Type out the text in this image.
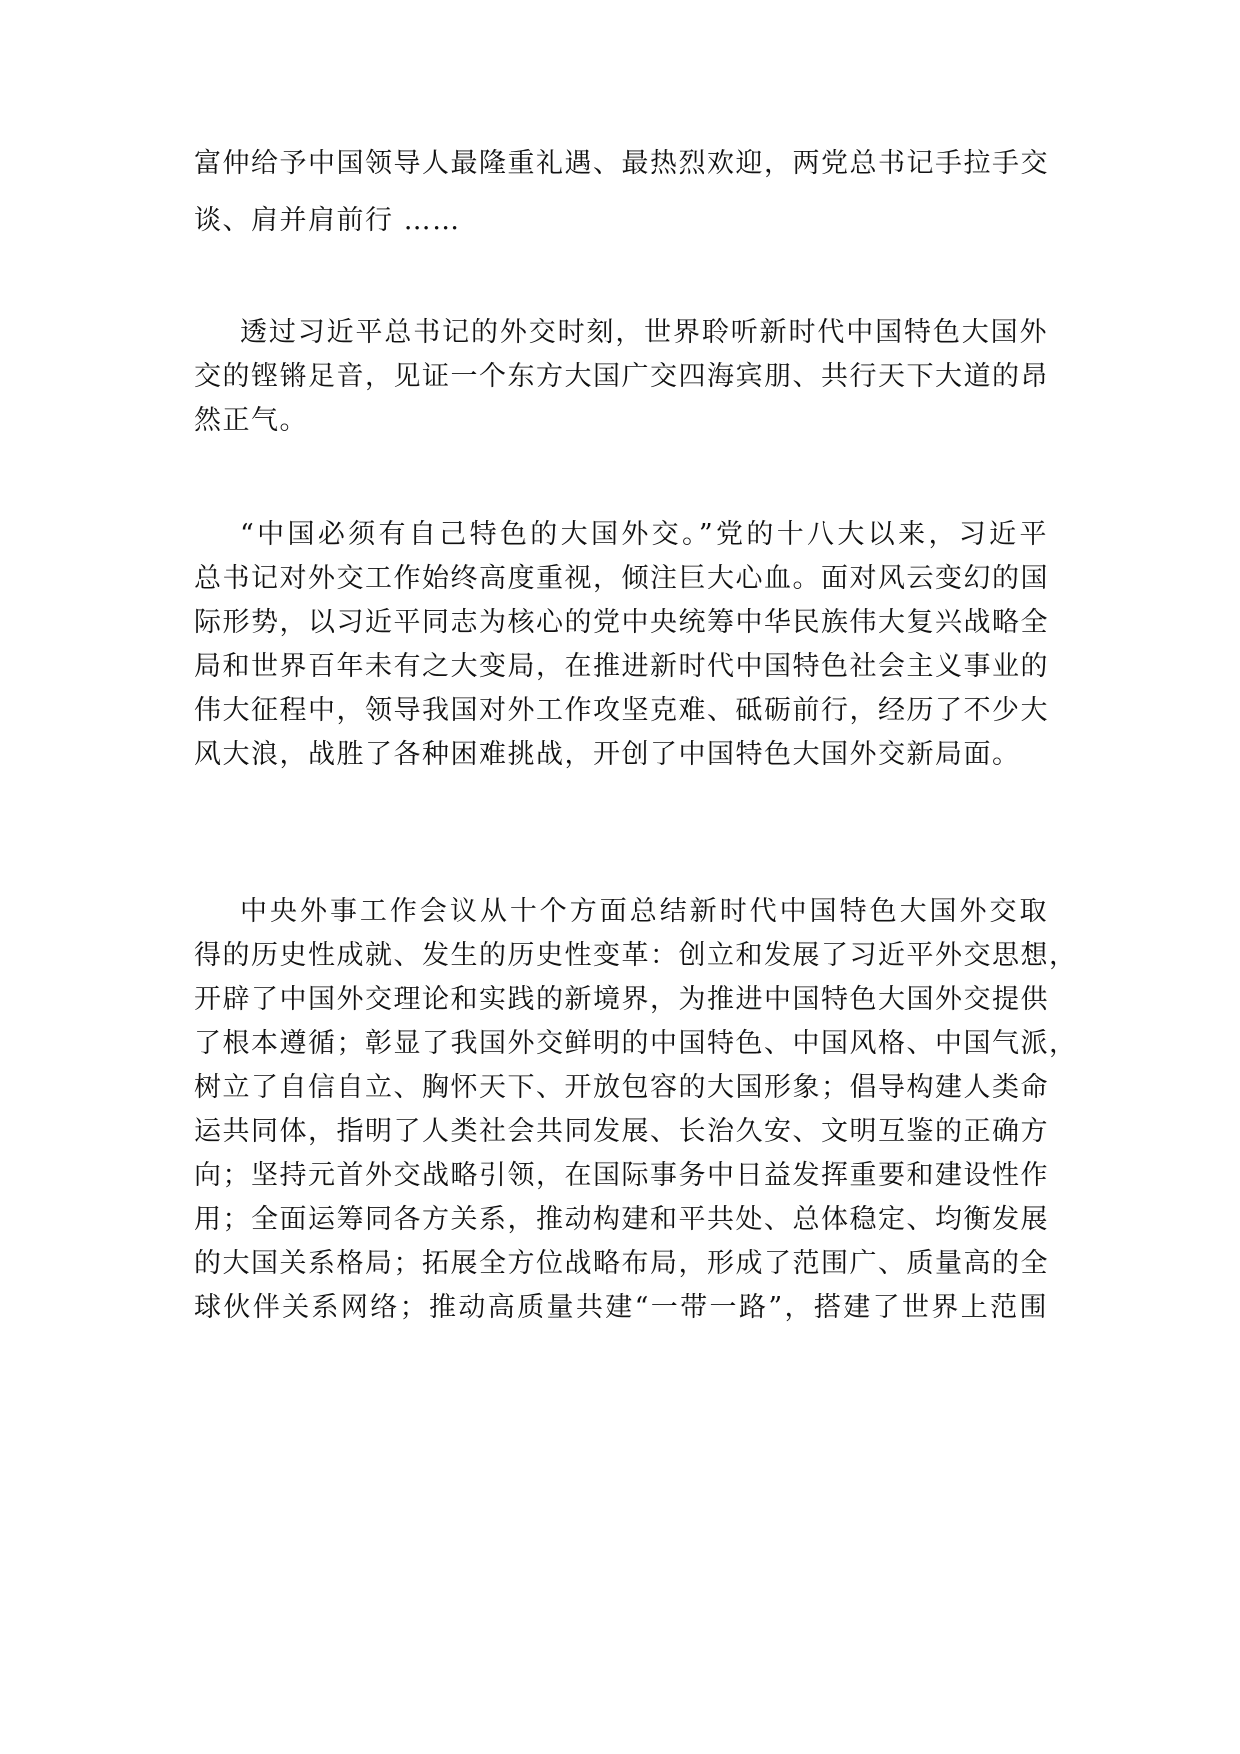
富仲给予中国领导人最隆重礼遇、最热烈欢迎，两党总书记手拉手交
谈、肩并肩前行 ……
透过习近平总书记的外交时刻，世界聆听新时代中国特色大国外
交的铿锵足音，见证一个东方大国广交四海宾朋、共行天下大道的昂
然正气。
“中国必须有自己特色的大国外交。”党的十八大以来，习近平
总书记对外交工作始终高度重视，倾注巨大心血。面对风云变幻的国
际形势，以习近平同志为核心的党中央统筹中华民族伟大复兴战略全
局和世界百年未有之大变局，在推进新时代中国特色社会主义事业的
伟大征程中，领导我国对外工作攻坚克难、砥砺前行，经历了不少大
风大浪，战胜了各种困难挑战，开创了中国特色大国外交新局面。
中央外事工作会议从十个方面总结新时代中国特色大国外交取
得的历史性成就、发生的历史性变革：创立和发展了习近平外交思想，
开辟了中国外交理论和实践的新境界，为推进中国特色大国外交提供
了根本遵循；彰显了我国外交鲜明的中国特色、中国风格、中国气派，
树立了自信自立、胸怀天下、开放包容的大国形象；倡导构建人类命
运共同体，指明了人类社会共同发展、长治久安、文明互鉴的正确方
向；坚持元首外交战略引领，在国际事务中日益发挥重要和建设性作
用；全面运筹同各方关系，推动构建和平共处、总体稳定、均衡发展
的大国关系格局；拓展全方位战略布局，形成了范围广、质量高的全
球伙伴关系网络；推动高质量共建“一带一路”，搭建了世界上范围
